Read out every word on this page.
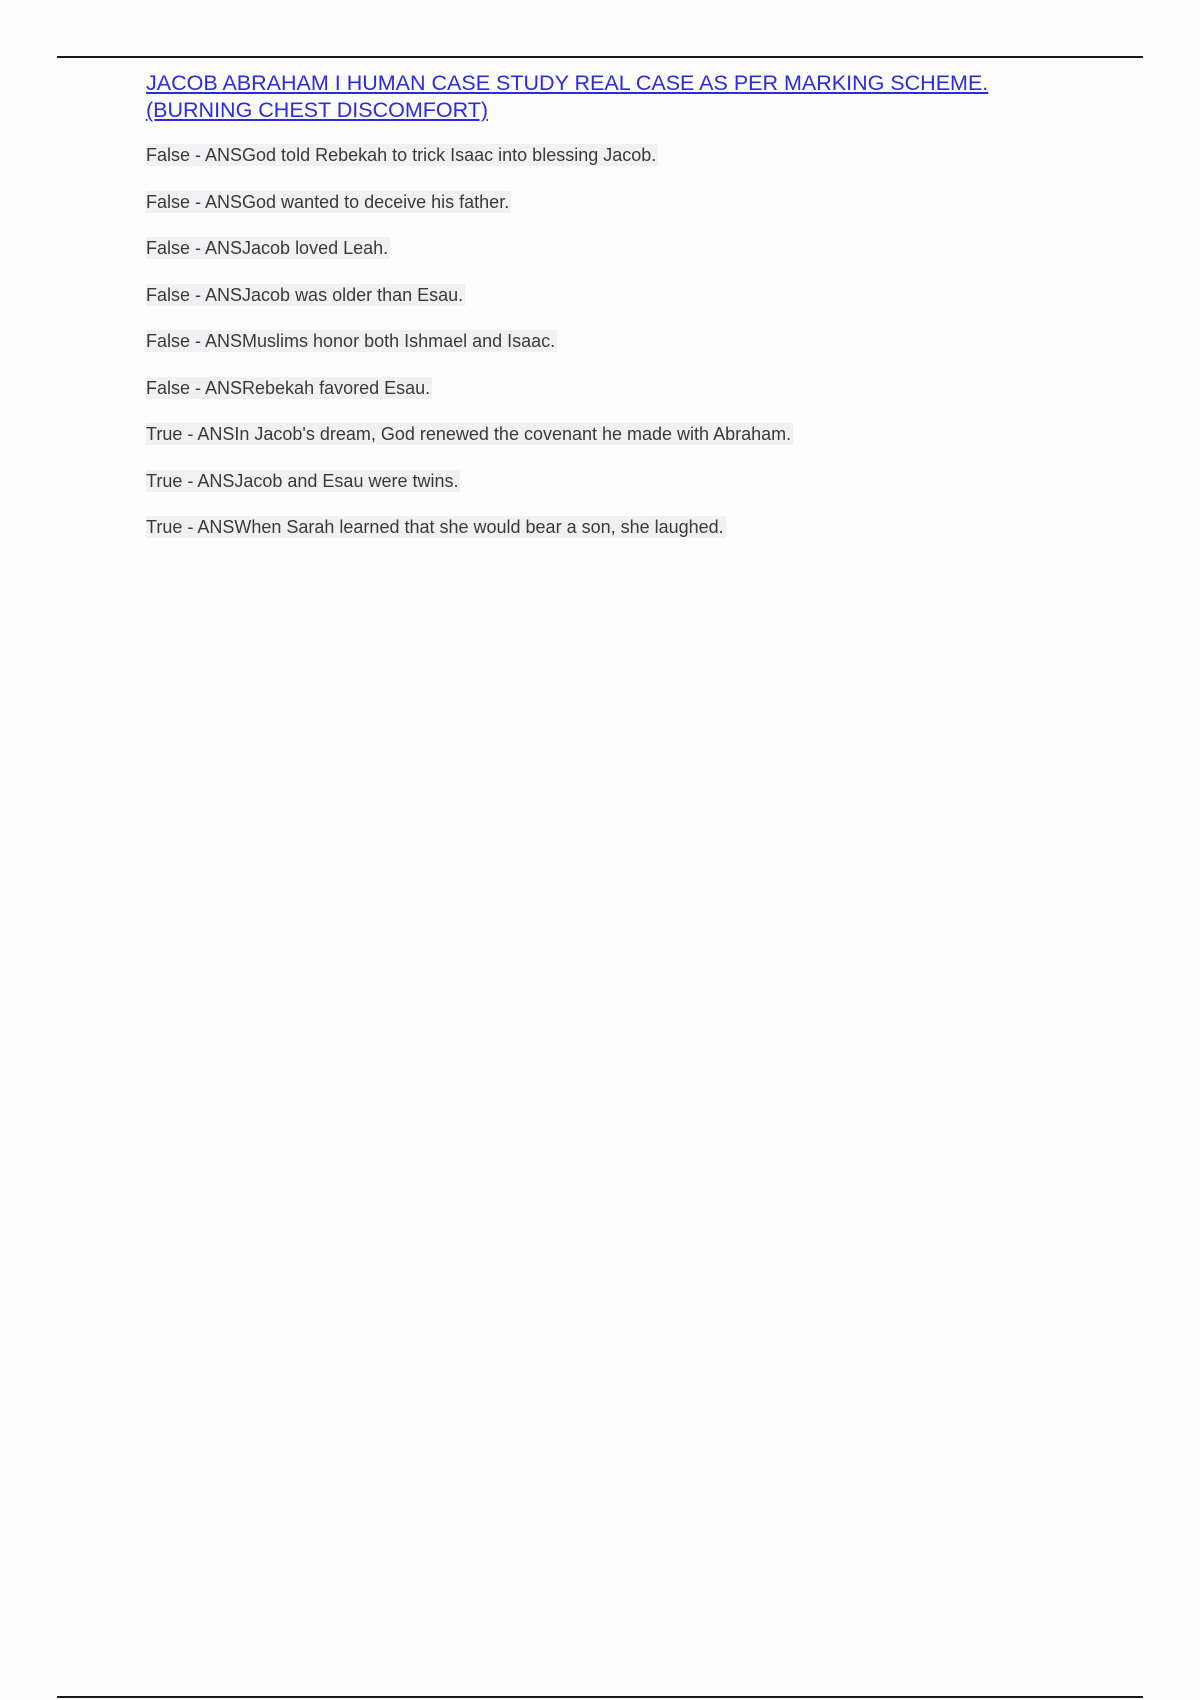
JACOB ABRAHAM I HUMAN CASE STUDY REAL CASE AS PER MARKING SCHEME.
(BURNING CHEST DISCOMFORT)
False - ANSGod told Rebekah to trick Isaac into blessing Jacob.
False - ANSGod wanted to deceive his father.
False - ANSJacob loved Leah.
False - ANSJacob was older than Esau.
False - ANSMuslims honor both Ishmael and Isaac.
False - ANSRebekah favored Esau.
True - ANSIn Jacob's dream, God renewed the covenant he made with Abraham.
True - ANSJacob and Esau were twins.
True - ANSWhen Sarah learned that she would bear a son, she laughed.
